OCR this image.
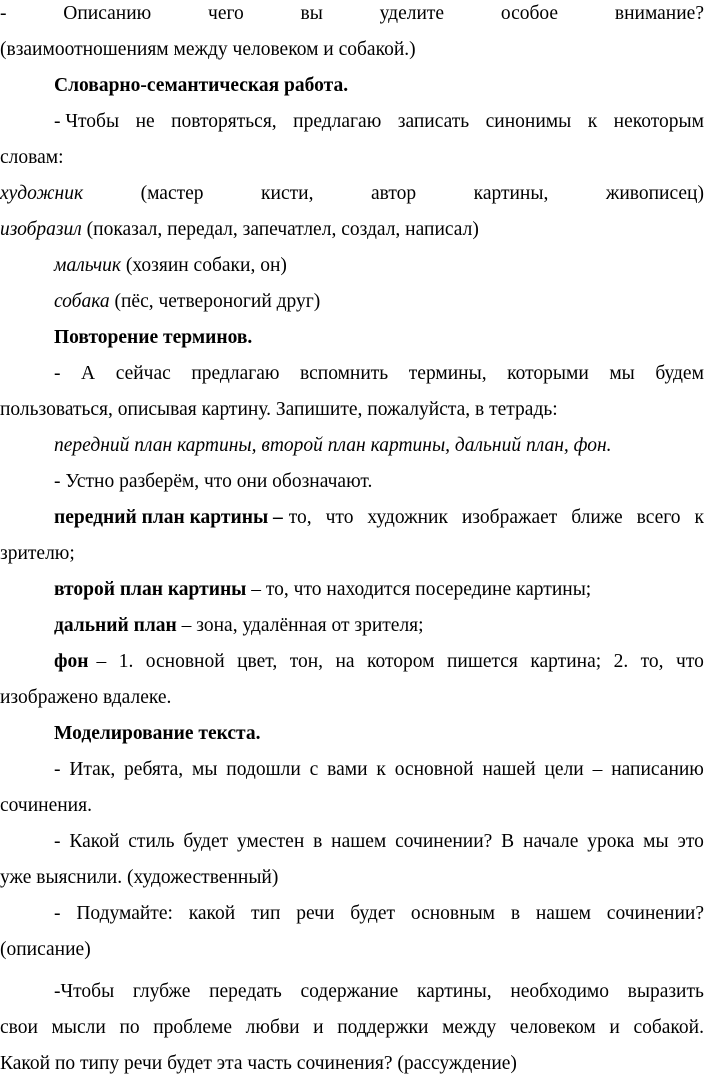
-	Описанию	чего	вы	уделите	особое	внимание?
(взаимоотношениям между человеком и собакой.)
Словарно-семантическая работа.
- Чтобы не повторяться, предлагаю записать синонимы к некоторым
словам:
художник	(мастер	кисти,	автор	картины,	живописец)
изобразил (показал, передал, запечатлел, создал, написал)
мальчик (хозяин собаки, он)
собака (пёс, четвероногий друг)
Повторение терминов.
- А сейчас предлагаю вспомнить термины, которыми мы будем
пользоваться, описывая картину. Запишите, пожалуйста, в тетрадь:
передний план картины, второй план картины, дальний план, фон.
- Устно разберём, что они обозначают.
передний план картины – то, что художник изображает ближе всего к
зрителю;
второй план картины – то, что находится посередине картины;
дальний план – зона, удалённая от зрителя;
фон – 1. основной цвет, тон, на котором пишется картина; 2. то, что
изображено вдалеке.
Моделирование текста.
- Итак, ребята, мы подошли с вами к основной нашей цели – написанию
сочинения.
- Какой стиль будет уместен в нашем сочинении? В начале урока мы это
уже выяснили. (художественный)
- Подумайте: какой тип речи будет основным в нашем сочинении?
(описание)
-Чтобы глубже передать содержание картины, необходимо выразить
свои мысли по проблеме любви и поддержки между человеком и собакой.
Какой по типу речи будет эта часть сочинения? (рассуждение)
